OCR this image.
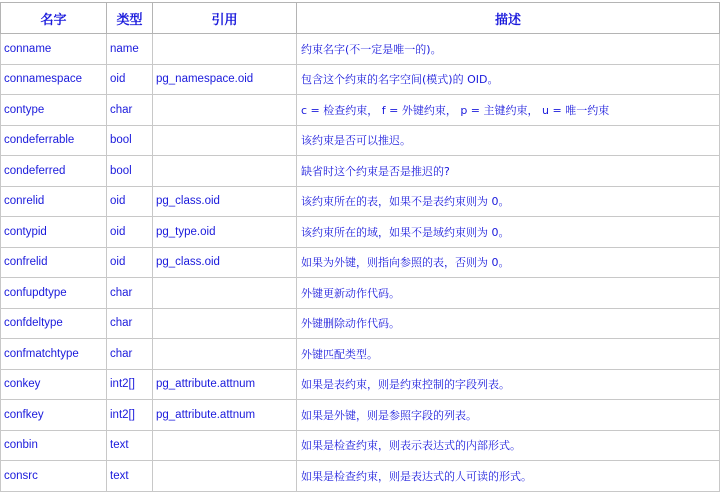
名字	类型	引用	描述
conname	name		约束名字(不一定是唯一的)。
connamespace	oid	pg_namespace.oid	包含这个约束的名字空间(模式)的 OID。
contype	char		c = 检查约束， f = 外键约束， p = 主键约束， u = 唯一约束
condeferrable	bool		该约束是否可以推迟。
condeferred	bool		缺省时这个约束是否是推迟的?
conrelid	oid	pg_class.oid	该约束所在的表，如果不是表约束则为 0。
contypid	oid	pg_type.oid	该约束所在的域，如果不是域约束则为 0。
confrelid	oid	pg_class.oid	如果为外键，则指向参照的表，否则为 0。
confupdtype	char		外键更新动作代码。
confdeltype	char		外键删除动作代码。
confmatchtype	char		外键匹配类型。
conkey	int2[]	pg_attribute.attnum	如果是表约束，则是约束控制的字段列表。
confkey	int2[]	pg_attribute.attnum	如果是外键，则是参照字段的列表。
conbin	text		如果是检查约束，则表示表达式的内部形式。
consrc	text		如果是检查约束，则是表达式的人可读的形式。
